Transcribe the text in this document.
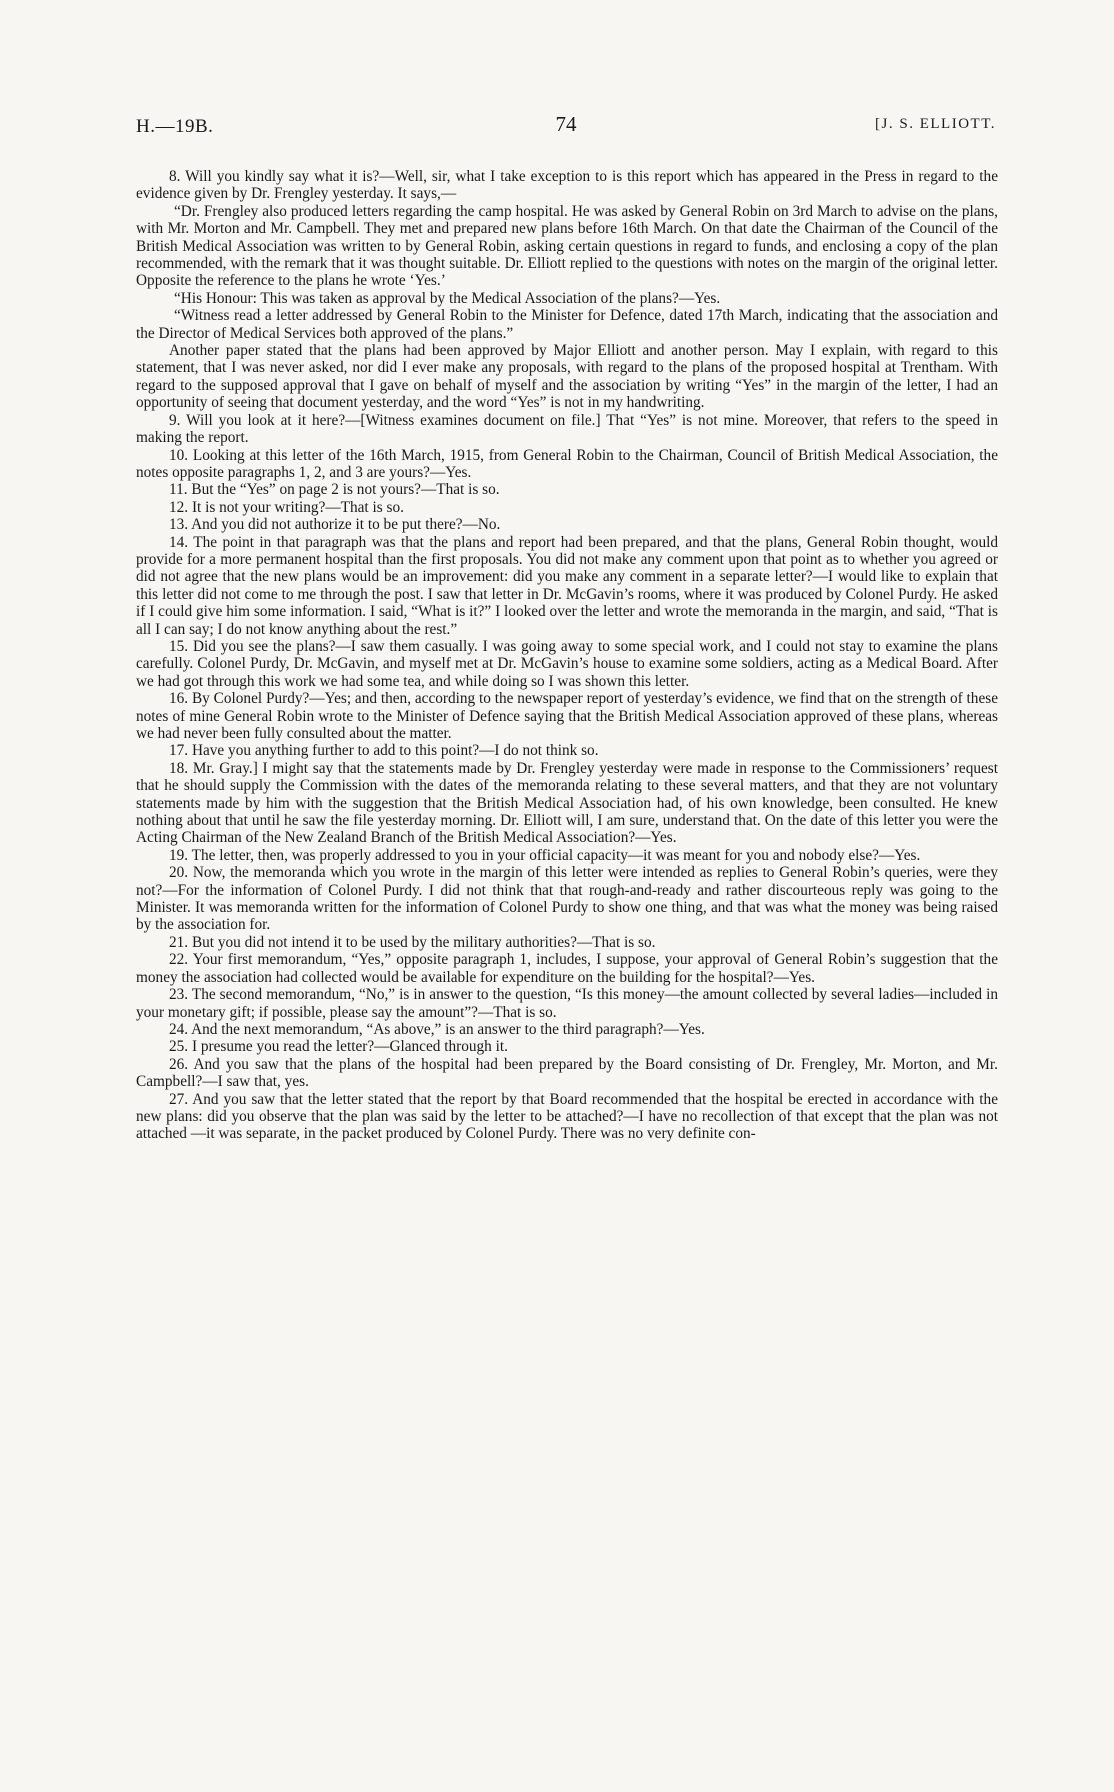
H.—19B.	74	[J. S. ELLIOTT.

8. Will you kindly say what it is?—Well, sir, what I take exception to is this report which has appeared in the Press in regard to the evidence given by Dr. Frengley yesterday. It says,—

“Dr. Frengley also produced letters regarding the camp hospital. He was asked by General Robin on 3rd March to advise on the plans, with Mr. Morton and Mr. Campbell. They met and prepared new plans before 16th March. On that date the Chairman of the Council of the British Medical Association was written to by General Robin, asking certain questions in regard to funds, and enclosing a copy of the plan recommended, with the remark that it was thought suitable. Dr. Elliott replied to the questions with notes on the margin of the original letter. Opposite the reference to the plans he wrote ‘Yes.’

“His Honour: This was taken as approval by the Medical Association of the plans?—Yes.

“Witness read a letter addressed by General Robin to the Minister for Defence, dated 17th March, indicating that the association and the Director of Medical Services both approved of the plans.”

Another paper stated that the plans had been approved by Major Elliott and another person. May I explain, with regard to this statement, that I was never asked, nor did I ever make any proposals, with regard to the plans of the proposed hospital at Trentham. With regard to the supposed approval that I gave on behalf of myself and the association by writing “Yes” in the margin of the letter, I had an opportunity of seeing that document yesterday, and the word “Yes” is not in my handwriting.

9. Will you look at it here?—[Witness examines document on file.] That “Yes” is not mine. Moreover, that refers to the speed in making the report.

10. Looking at this letter of the 16th March, 1915, from General Robin to the Chairman, Council of British Medical Association, the notes opposite paragraphs 1, 2, and 3 are yours?—Yes.

11. But the “Yes” on page 2 is not yours?—That is so.

12. It is not your writing?—That is so.

13. And you did not authorize it to be put there?—No.

14. The point in that paragraph was that the plans and report had been prepared, and that the plans, General Robin thought, would provide for a more permanent hospital than the first proposals. You did not make any comment upon that point as to whether you agreed or did not agree that the new plans would be an improvement: did you make any comment in a separate letter?—I would like to explain that this letter did not come to me through the post. I saw that letter in Dr. McGavin’s rooms, where it was produced by Colonel Purdy. He asked if I could give him some information. I said, “What is it?” I looked over the letter and wrote the memoranda in the margin, and said, “That is all I can say; I do not know anything about the rest.”

15. Did you see the plans?—I saw them casually. I was going away to some special work, and I could not stay to examine the plans carefully. Colonel Purdy, Dr. McGavin, and myself met at Dr. McGavin’s house to examine some soldiers, acting as a Medical Board. After we had got through this work we had some tea, and while doing so I was shown this letter.

16. By Colonel Purdy?—Yes; and then, according to the newspaper report of yesterday’s evidence, we find that on the strength of these notes of mine General Robin wrote to the Minister of Defence saying that the British Medical Association approved of these plans, whereas we had never been fully consulted about the matter.

17. Have you anything further to add to this point?—I do not think so.

18. Mr. Gray.] I might say that the statements made by Dr. Frengley yesterday were made in response to the Commissioners’ request that he should supply the Commission with the dates of the memoranda relating to these several matters, and that they are not voluntary statements made by him with the suggestion that the British Medical Association had, of his own knowledge, been consulted. He knew nothing about that until he saw the file yesterday morning. Dr. Elliott will, I am sure, understand that. On the date of this letter you were the Acting Chairman of the New Zealand Branch of the British Medical Association?—Yes.

19. The letter, then, was properly addressed to you in your official capacity—it was meant for you and nobody else?—Yes.

20. Now, the memoranda which you wrote in the margin of this letter were intended as replies to General Robin’s queries, were they not?—For the information of Colonel Purdy. I did not think that that rough-and-ready and rather discourteous reply was going to the Minister. It was memoranda written for the information of Colonel Purdy to show one thing, and that was what the money was being raised by the association for.

21. But you did not intend it to be used by the military authorities?—That is so.

22. Your first memorandum, “Yes,” opposite paragraph 1, includes, I suppose, your approval of General Robin’s suggestion that the money the association had collected would be available for expenditure on the building for the hospital?—Yes.

23. The second memorandum, “No,” is in answer to the question, “Is this money—the amount collected by several ladies—included in your monetary gift; if possible, please say the amount”?—That is so.

24. And the next memorandum, “As above,” is an answer to the third paragraph?—Yes.

25. I presume you read the letter?—Glanced through it.

26. And you saw that the plans of the hospital had been prepared by the Board consisting of Dr. Frengley, Mr. Morton, and Mr. Campbell?—I saw that, yes.

27. And you saw that the letter stated that the report by that Board recommended that the hospital be erected in accordance with the new plans: did you observe that the plan was said by the letter to be attached?—I have no recollection of that except that the plan was not attached —it was separate, in the packet produced by Colonel Purdy. There was no very definite con-
